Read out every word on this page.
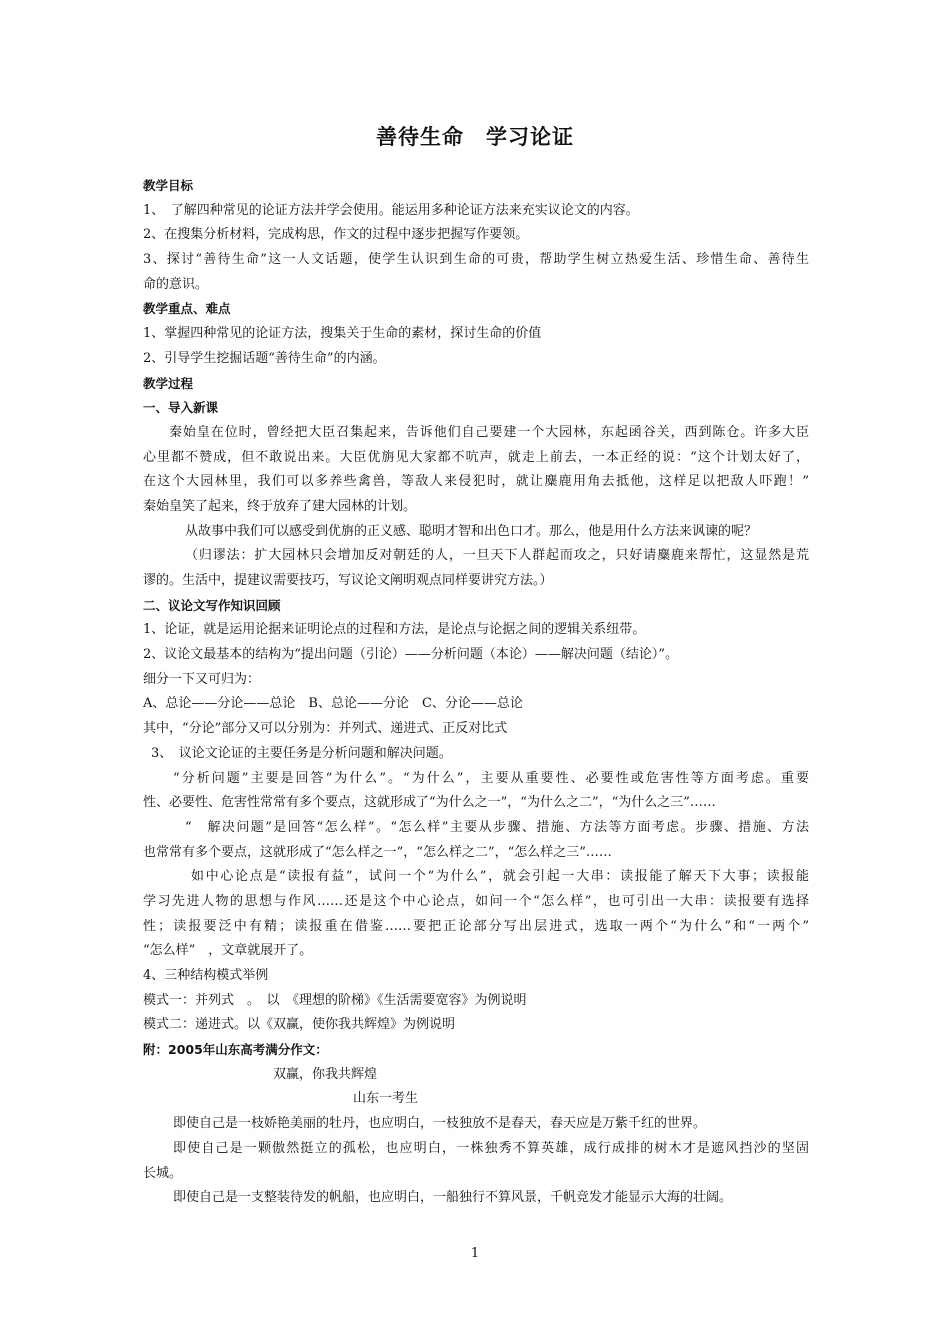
善待生命 学习论证
教学目标
1、　了解四种常见的论证方法并学会使用。能运用多种论证方法来充实议论文的内容。
2、在搜集分析材料，完成构思，作文的过程中逐步把握写作要领。
3、探讨“善待生命”这一人文话题，使学生认识到生命的可贵，帮助学生树立热爱生活、珍惜生命、善待生
命的意识。
教学重点、难点
1、掌握四种常见的论证方法，搜集关于生命的素材，探讨生命的价值
2、引导学生挖掘话题“善待生命”的内涵。
教学过程
一、导入新课
秦始皇在位时，曾经把大臣召集起来，告诉他们自己要建一个大园林，东起函谷关，西到陈仓。许多大臣
心里都不赞成，但不敢说出来。大臣优旃见大家都不吭声，就走上前去，一本正经的说：“这个计划太好了，
在这个大园林里，我们可以多养些禽兽，等敌人来侵犯时，就让麋鹿用角去抵他，这样足以把敌人吓跑！”
秦始皇笑了起来，终于放弃了建大园林的计划。
从故事中我们可以感受到优旃的正义感、聪明才智和出色口才。那么，他是用什么方法来讽谏的呢？
（归谬法：扩大园林只会增加反对朝廷的人，一旦天下人群起而攻之，只好请麋鹿来帮忙，这显然是荒
谬的。生活中，提建议需要技巧，写议论文阐明观点同样要讲究方法。）
二、议论文写作知识回顾
1、论证，就是运用论据来证明论点的过程和方法，是论点与论据之间的逻辑关系纽带。
2、议论文最基本的结构为“提出问题（引论）——分析问题（本论）——解决问题（结论）”。
细分一下又可归为：
A、总论——分论——总论　B、总论——分论　C、分论——总论
其中，“分论”部分又可以分别为：并列式、递进式、正反对比式
3、　议论文论证的主要任务是分析问题和解决问题。
“分析问题”主要是回答“为什么”。“为什么”，主要从重要性、必要性或危害性等方面考虑。重要
性、必要性、危害性常常有多个要点，这就形成了“为什么之一”，“为什么之二”，“为什么之三”……
“　解决问题”是回答“怎么样”。“怎么样”主要从步骤、措施、方法等方面考虑。步骤、措施、方法
也常常有多个要点，这就形成了“怎么样之一”，“怎么样之二”，“怎么样之三”……
如中心论点是“读报有益”，试问一个“为什么”，就会引起一大串：读报能了解天下大事；读报能
学习先进人物的思想与作风……还是这个中心论点，如问一个“怎么样”，也可引出一大串：读报要有选择
性；读报要泛中有精；读报重在借鉴……要把正论部分写出层进式，选取一两个“为什么”和“一两个”
“怎么样”　，文章就展开了。
4、三种结构模式举例
模式一：并列式　。　以　《理想的阶梯》《生活需要宽容》为例说明
模式二：递进式。以《双赢，使你我共辉煌》为例说明
附：2005年山东高考满分作文：
双赢，你我共辉煌
山东一考生
即使自己是一枝娇艳美丽的牡丹，也应明白，一枝独放不是春天，春天应是万紫千红的世界。
即使自己是一颗傲然挺立的孤松，也应明白，一株独秀不算英雄，成行成排的树木才是遮风挡沙的坚固
长城。
即使自己是一支整装待发的帆船，也应明白，一船独行不算风景，千帆竞发才能显示大海的壮阔。
1
